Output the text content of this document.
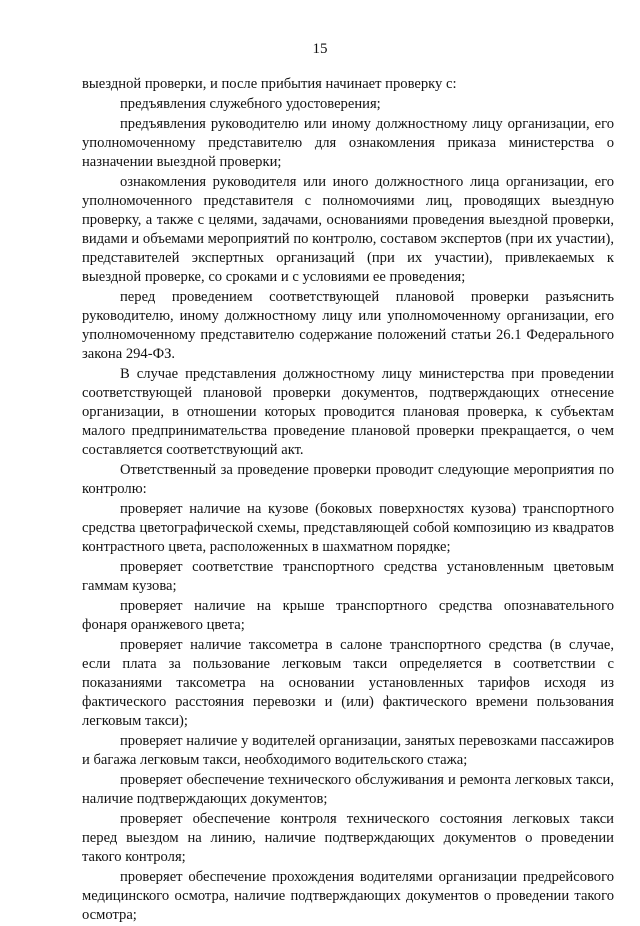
15

выездной проверки, и после прибытия начинает проверку с:

предъявления служебного удостоверения;

предъявления руководителю или иному должностному лицу организации, его уполномоченному представителю для ознакомления приказа министерства о назначении выездной проверки;

ознакомления руководителя или иного должностного лица организации, его уполномоченного представителя с полномочиями лиц, проводящих выездную проверку, а также с целями, задачами, основаниями проведения выездной проверки, видами и объемами мероприятий по контролю, составом экспертов (при их участии), представителей экспертных организаций (при их участии), привлекаемых к выездной проверке, со сроками и с условиями ее проведения;

перед проведением соответствующей плановой проверки разъяснить руководителю, иному должностному лицу или уполномоченному организации, его уполномоченному представителю содержание положений статьи 26.1 Федерального закона 294-ФЗ.

В случае представления должностному лицу министерства при проведении соответствующей плановой проверки документов, подтверждающих отнесение организации, в отношении которых проводится плановая проверка, к субъектам малого предпринимательства проведение плановой проверки прекращается, о чем составляется соответствующий акт.

Ответственный за проведение проверки проводит следующие мероприятия по контролю:

проверяет наличие на кузове (боковых поверхностях кузова) транспортного средства цветографической схемы, представляющей собой композицию из квадратов контрастного цвета, расположенных в шахматном порядке;

проверяет соответствие транспортного средства установленным цветовым гаммам кузова;

проверяет наличие на крыше транспортного средства опознавательного фонаря оранжевого цвета;

проверяет наличие таксометра в салоне транспортного средства (в случае, если плата за пользование легковым такси определяется в соответствии с показаниями таксометра на основании установленных тарифов исходя из фактического расстояния перевозки и (или) фактического времени пользования легковым такси);

проверяет наличие у водителей организации, занятых перевозками пассажиров и багажа легковым такси, необходимого водительского стажа;

проверяет обеспечение технического обслуживания и ремонта легковых такси, наличие подтверждающих документов;

проверяет обеспечение контроля технического состояния легковых такси перед выездом на линию, наличие подтверждающих документов о проведении такого контроля;

проверяет обеспечение прохождения водителями организации предрейсового медицинского осмотра, наличие подтверждающих документов о проведении такого осмотра;
